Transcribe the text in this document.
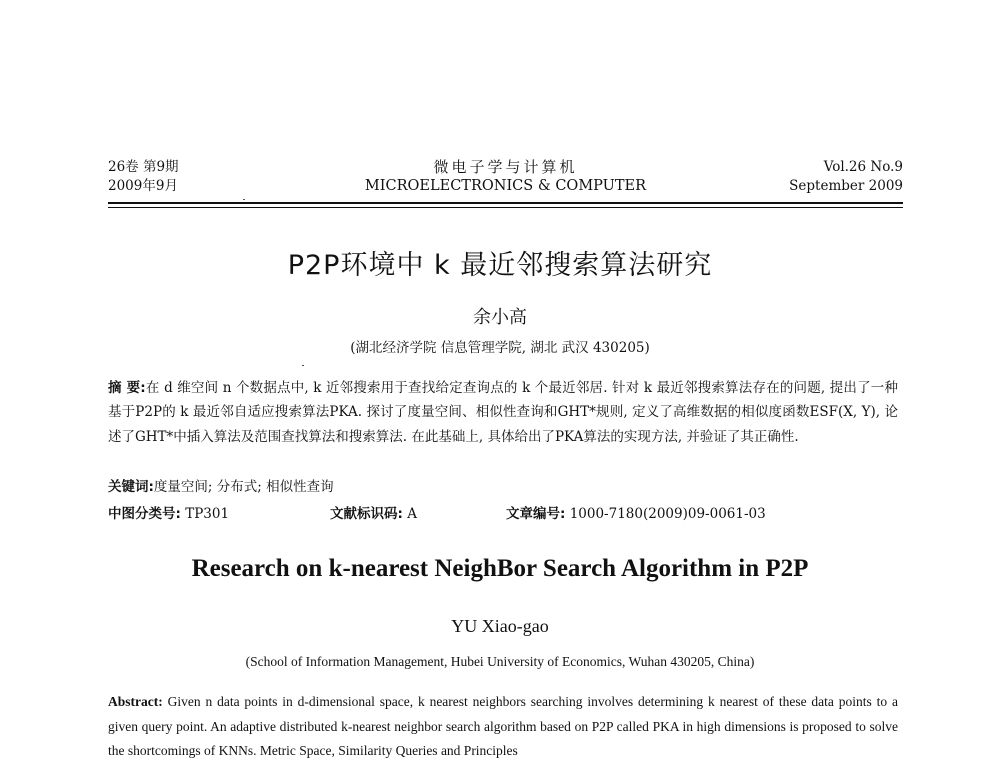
26卷 第9期
2009年9月
微电子学与计算机
MICROELECTRONICS & COMPUTER
Vol.26 No.9
September 2009
P2P环境中 k 最近邻搜索算法研究
余小高
(湖北经济学院 信息管理学院, 湖北 武汉 430205)
摘 要:在 d 维空间 n 个数据点中, k 近邻搜索用于查找给定查询点的 k 个最近邻居. 针对 k 最近邻搜索算法存在的问题, 提出了一种基于P2P的 k 最近邻自适应搜索算法PKA. 探讨了度量空间、相似性查询和GHT*规则, 定义了高维数据的相似度函数ESF(X, Y), 论述了GHT*中插入算法及范围查找算法和搜索算法. 在此基础上, 具体给出了PKA算法的实现方法, 并验证了其正确性.
关键词:度量空间; 分布式; 相似性查询
中图分类号: TP301	文献标识码: A	文章编号: 1000-7180(2009)09-0061-03
Research on k-nearest NeighBor Search Algorithm in P2P
YU Xiao-gao
(School of Information Management, Hubei University of Economics, Wuhan 430205, China)
Abstract: Given n data points in d-dimensional space, k nearest neighbors searching involves determining k nearest of these data points to a given query point. An adaptive distributed k-nearest neighbor search algorithm based on P2P called PKA in high dimensions is proposed to solve the shortcomings of KNNs. Metric Space, Similarity Queries and Principles
